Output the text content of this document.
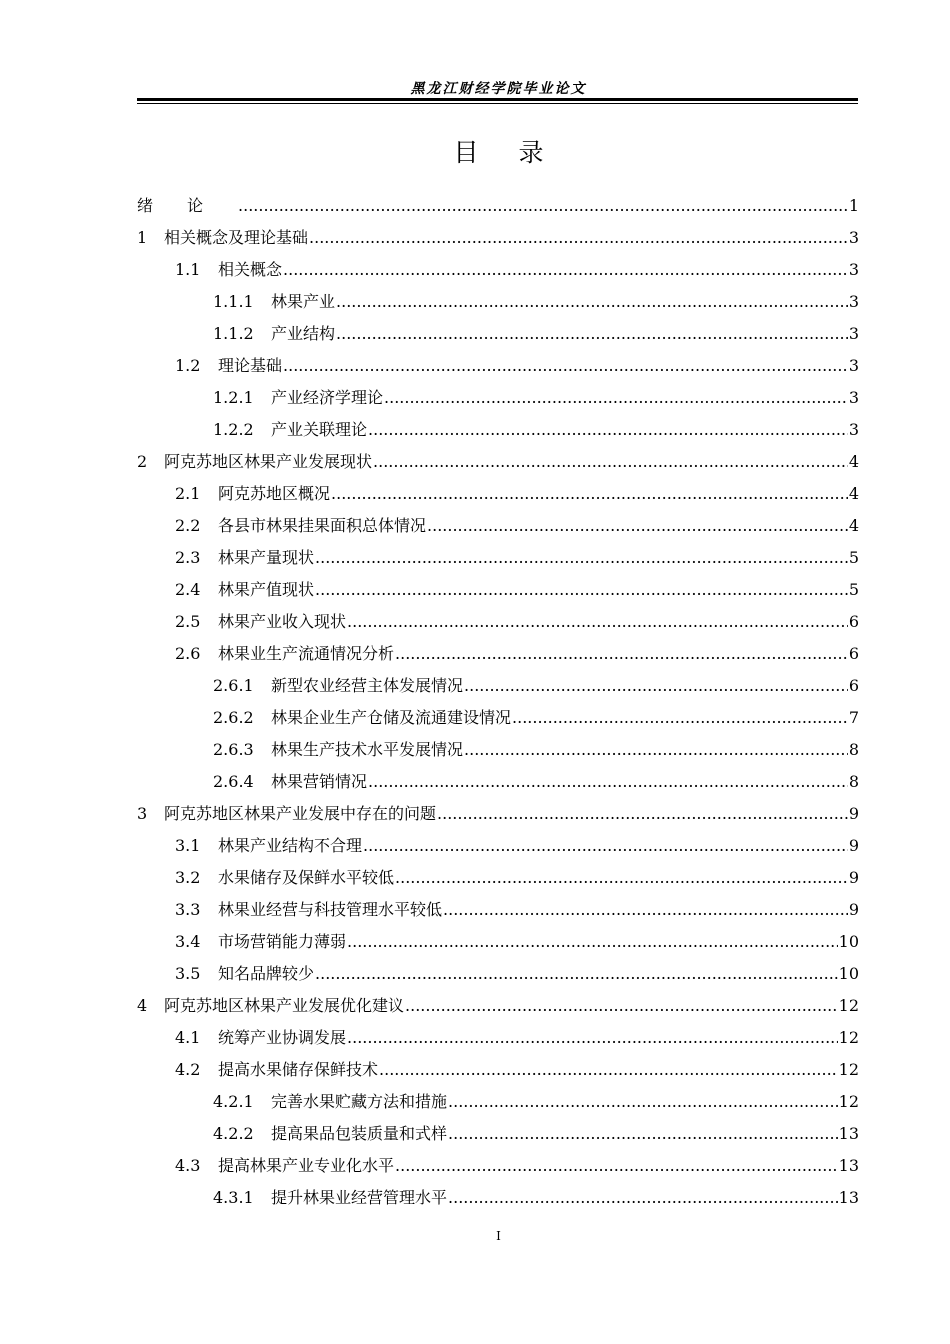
黑龙江财经学院毕业论文
目录
绪论 .....	1
1	相关概念及理论基础 .....	3
1.1	相关概念 .....	3
1.1.1	林果产业 .....	3
1.1.2	产业结构 .....	3
1.2	理论基础 .....	3
1.2.1	产业经济学理论 .....	3
1.2.2	产业关联理论 .....	3
2	阿克苏地区林果产业发展现状 .....	4
2.1	阿克苏地区概况 .....	4
2.2	各县市林果挂果面积总体情况 .....	4
2.3	林果产量现状 .....	5
2.4	林果产值现状 .....	5
2.5	林果产业收入现状 .....	6
2.6	林果业生产流通情况分析 .....	6
2.6.1	新型农业经营主体发展情况 .....	6
2.6.2	林果企业生产仓储及流通建设情况 .....	7
2.6.3	林果生产技术水平发展情况 .....	8
2.6.4	林果营销情况 .....	8
3	阿克苏地区林果产业发展中存在的问题 .....	9
3.1	林果产业结构不合理 .....	9
3.2	水果储存及保鲜水平较低 .....	9
3.3	林果业经营与科技管理水平较低 .....	9
3.4	市场营销能力薄弱 .....	10
3.5	知名品牌较少 .....	10
4	阿克苏地区林果产业发展优化建议 .....	12
4.1	统筹产业协调发展 .....	12
4.2	提高水果储存保鲜技术 .....	12
4.2.1	完善水果贮藏方法和措施 .....	12
4.2.2	提高果品包装质量和式样 .....	13
4.3	提高林果产业专业化水平 .....	13
4.3.1	提升林果业经营管理水平 .....	13
I
